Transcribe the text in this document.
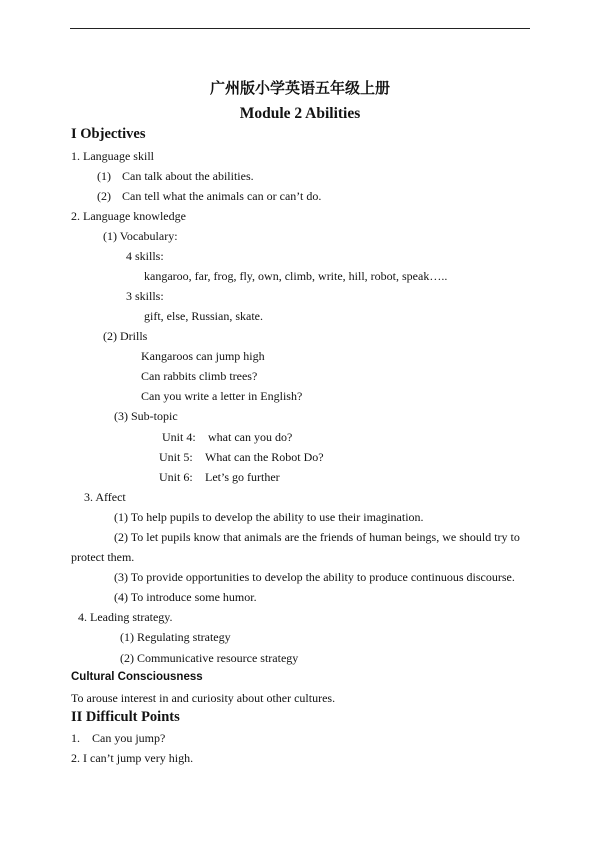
广州版小学英语五年级上册
Module 2 Abilities
I Objectives
1. Language skill
(1) Can talk about the abilities.
(2) Can tell what the animals can or can’t do.
2. Language knowledge
(1) Vocabulary:
4 skills:
kangaroo, far, frog, fly, own, climb, write, hill, robot, speak…..
3 skills:
gift, else, Russian, skate.
(2) Drills
Kangaroos can jump high
Can rabbits climb trees?
Can you write a letter in English?
(3) Sub-topic
Unit 4: what can you do?
Unit 5: What can the Robot Do?
Unit 6: Let’s go further
3. Affect
(1) To help pupils to develop the ability to use their imagination.
(2) To let pupils know that animals are the friends of human beings, we should try to
protect them.
(3) To provide opportunities to develop the ability to produce continuous discourse.
(4) To introduce some humor.
4. Leading strategy.
(1) Regulating strategy
(2) Communicative resource strategy
Cultural Consciousness
To arouse interest in and curiosity about other cultures.
II Difficult Points
1. Can you jump?
2. I can’t jump very high.
